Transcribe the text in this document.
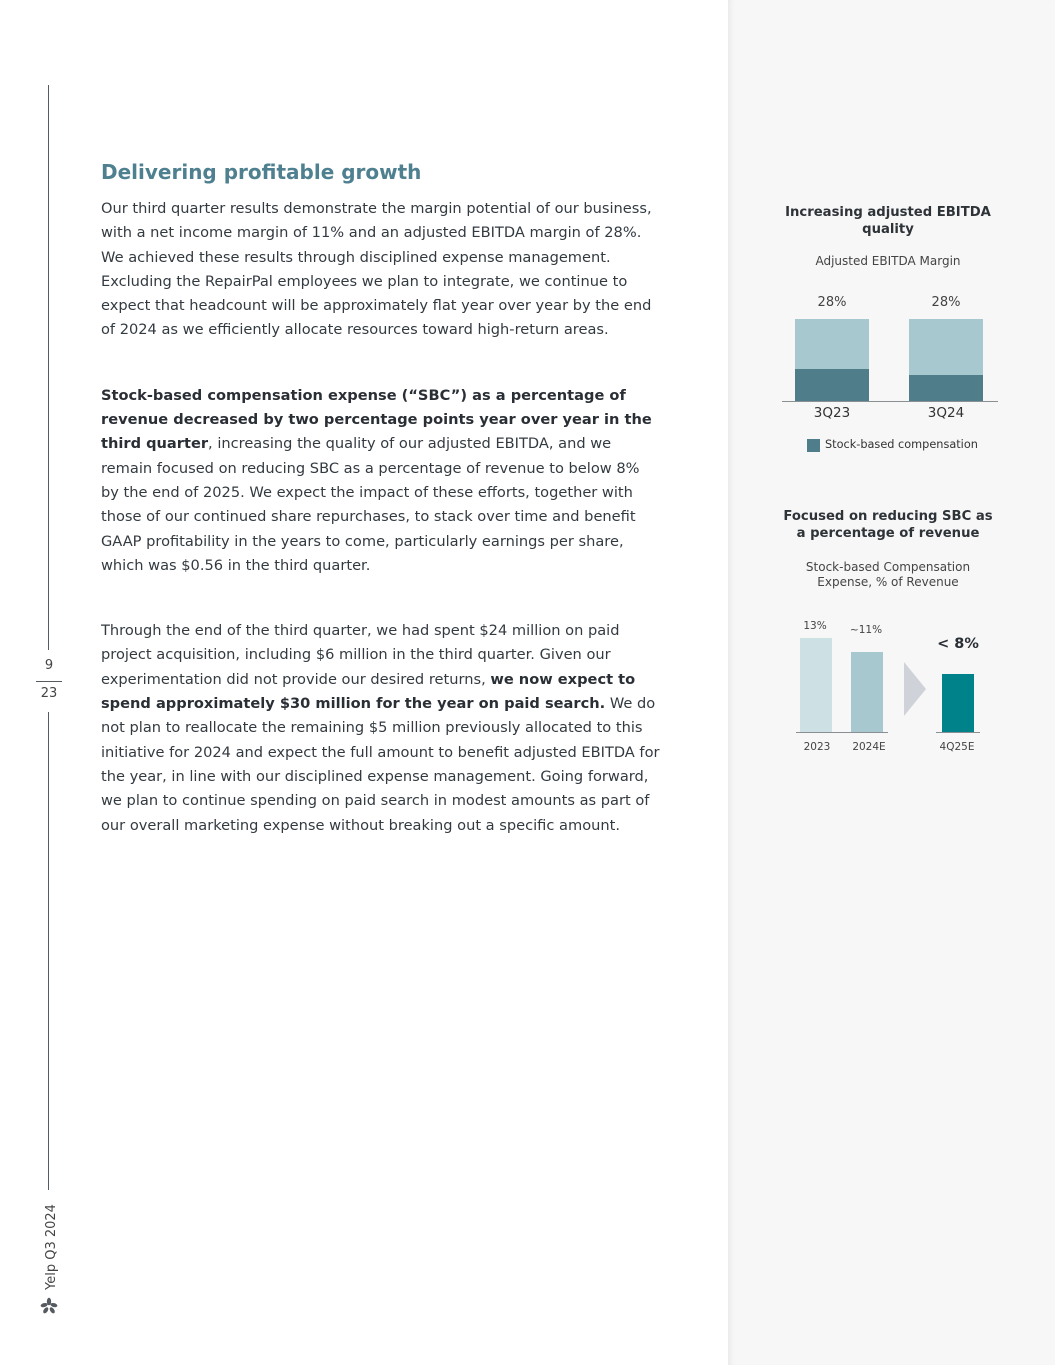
9
23
Yelp Q3 2024
Delivering profitable growth

Our third quarter results demonstrate the margin potential of our business, with a net income margin of 11% and an adjusted EBITDA margin of 28%. We achieved these results through disciplined expense management. Excluding the RepairPal employees we plan to integrate, we continue to expect that headcount will be approximately flat year over year by the end of 2024 as we efficiently allocate resources toward high-return areas.

Stock-based compensation expense (“SBC”) as a percentage of revenue decreased by two percentage points year over year in the third quarter, increasing the quality of our adjusted EBITDA, and we remain focused on reducing SBC as a percentage of revenue to below 8% by the end of 2025. We expect the impact of these efforts, together with those of our continued share repurchases, to stack over time and benefit GAAP profitability in the years to come, particularly earnings per share, which was $0.56 in the third quarter.

Through the end of the third quarter, we had spent $24 million on paid project acquisition, including $6 million in the third quarter. Given our experimentation did not provide our desired returns, we now expect to spend approximately $30 million for the year on paid search. We do not plan to reallocate the remaining $5 million previously allocated to this initiative for 2024 and expect the full amount to benefit adjusted EBITDA for the year, in line with our disciplined expense management. Going forward, we plan to continue spending on paid search in modest amounts as part of our overall marketing expense without breaking out a specific amount.

Increasing adjusted EBITDA quality
Adjusted EBITDA Margin
28%	28%
3Q23	3Q24
Stock-based compensation
Focused on reducing SBC as a percentage of revenue
Stock-based Compensation Expense, % of Revenue
13%	~11%
< 8%
2023	2024E	4Q25E
